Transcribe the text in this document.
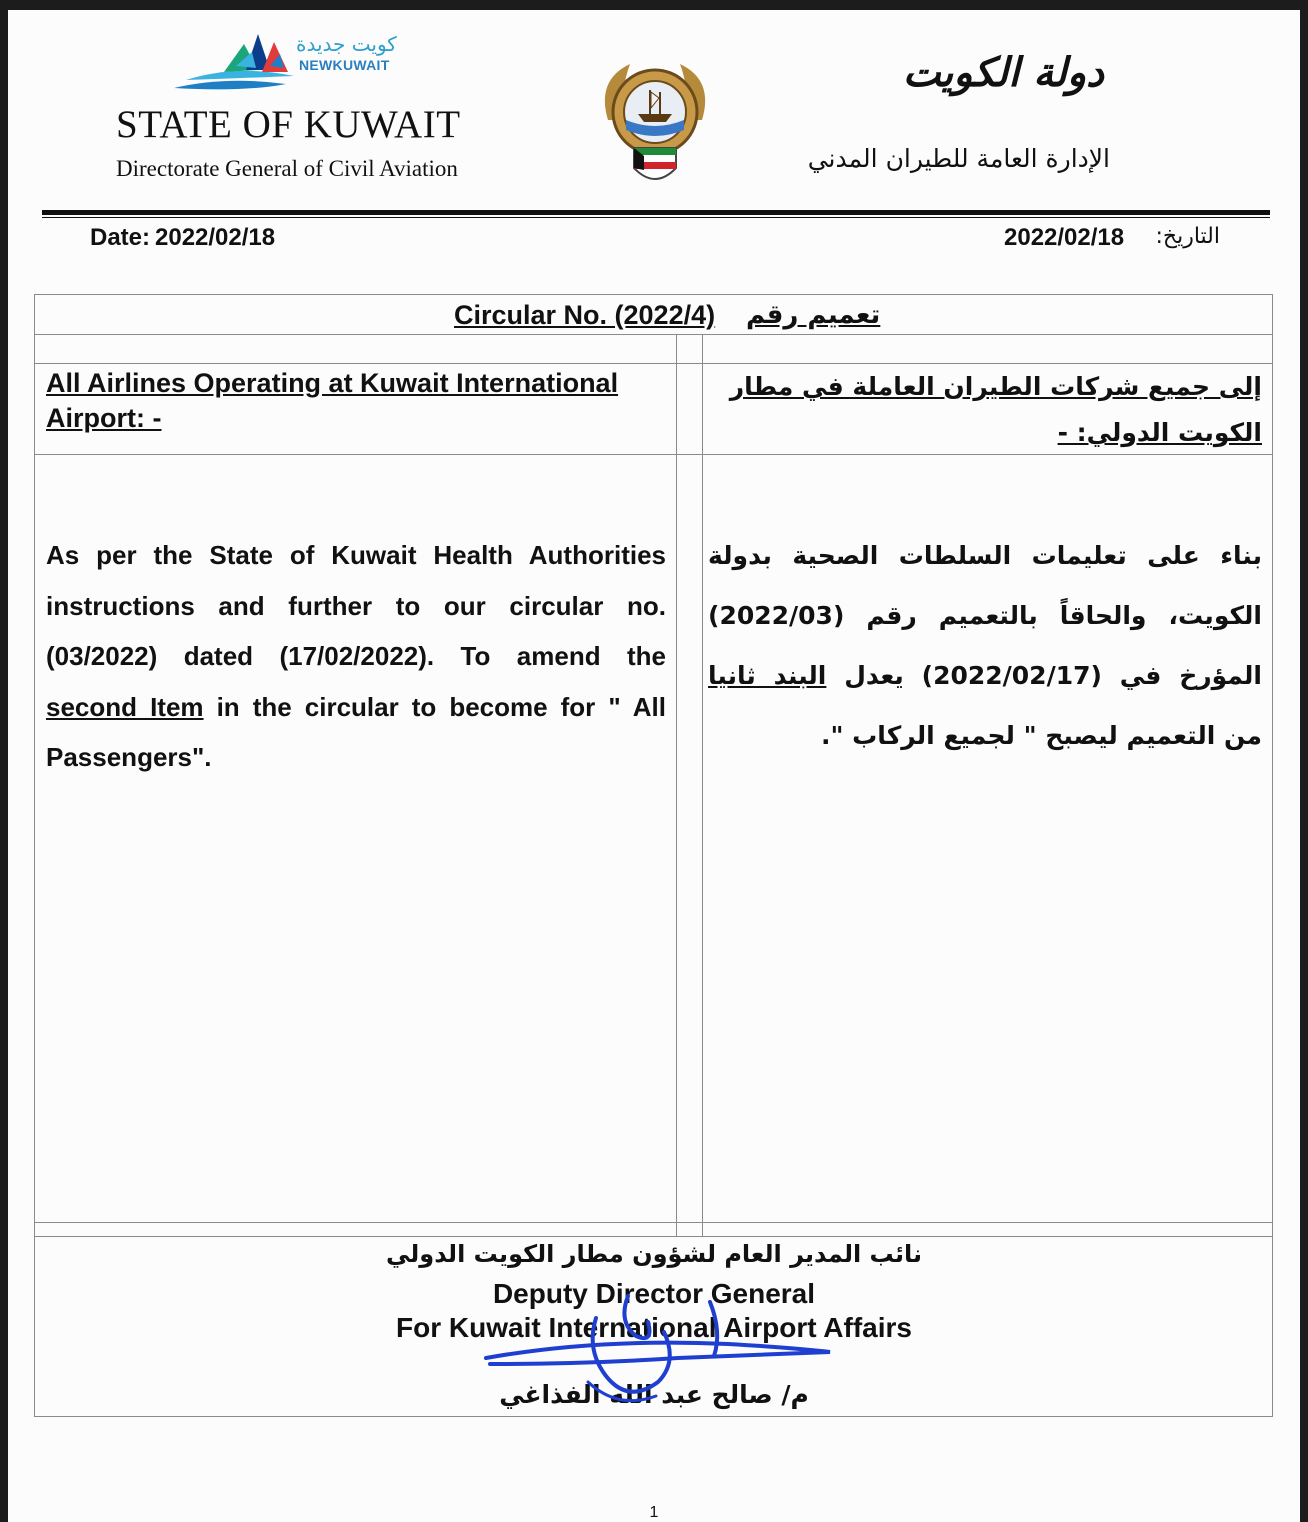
كويت جديدة
NEWKUWAIT
STATE OF KUWAIT
Directorate General of Civil Aviation
دولة الكويت
الإدارة العامة للطيران المدني
Date: 2022/02/18	2022/02/18 التاريخ:
Circular No. (2022/4) تعميم رقم
All Airlines Operating at Kuwait International Airport: -
إلى جميع شركات الطيران العاملة في مطار الكويت الدولي: -
As per the State of Kuwait Health Authorities instructions and further to our circular no. (03/2022) dated (17/02/2022). To amend the second Item in the circular to become for " All Passengers".
بناء على تعليمات السلطات الصحية بدولة الكويت، والحاقاً بالتعميم رقم (2022/03) المؤرخ في (2022/02/17) يعدل البند ثانيا من التعميم ليصبح " لجميع الركاب ".
نائب المدير العام لشؤون مطار الكويت الدولي
Deputy Director General
For Kuwait International Airport Affairs
م/ صالح عبد الله الفذاغي
1
